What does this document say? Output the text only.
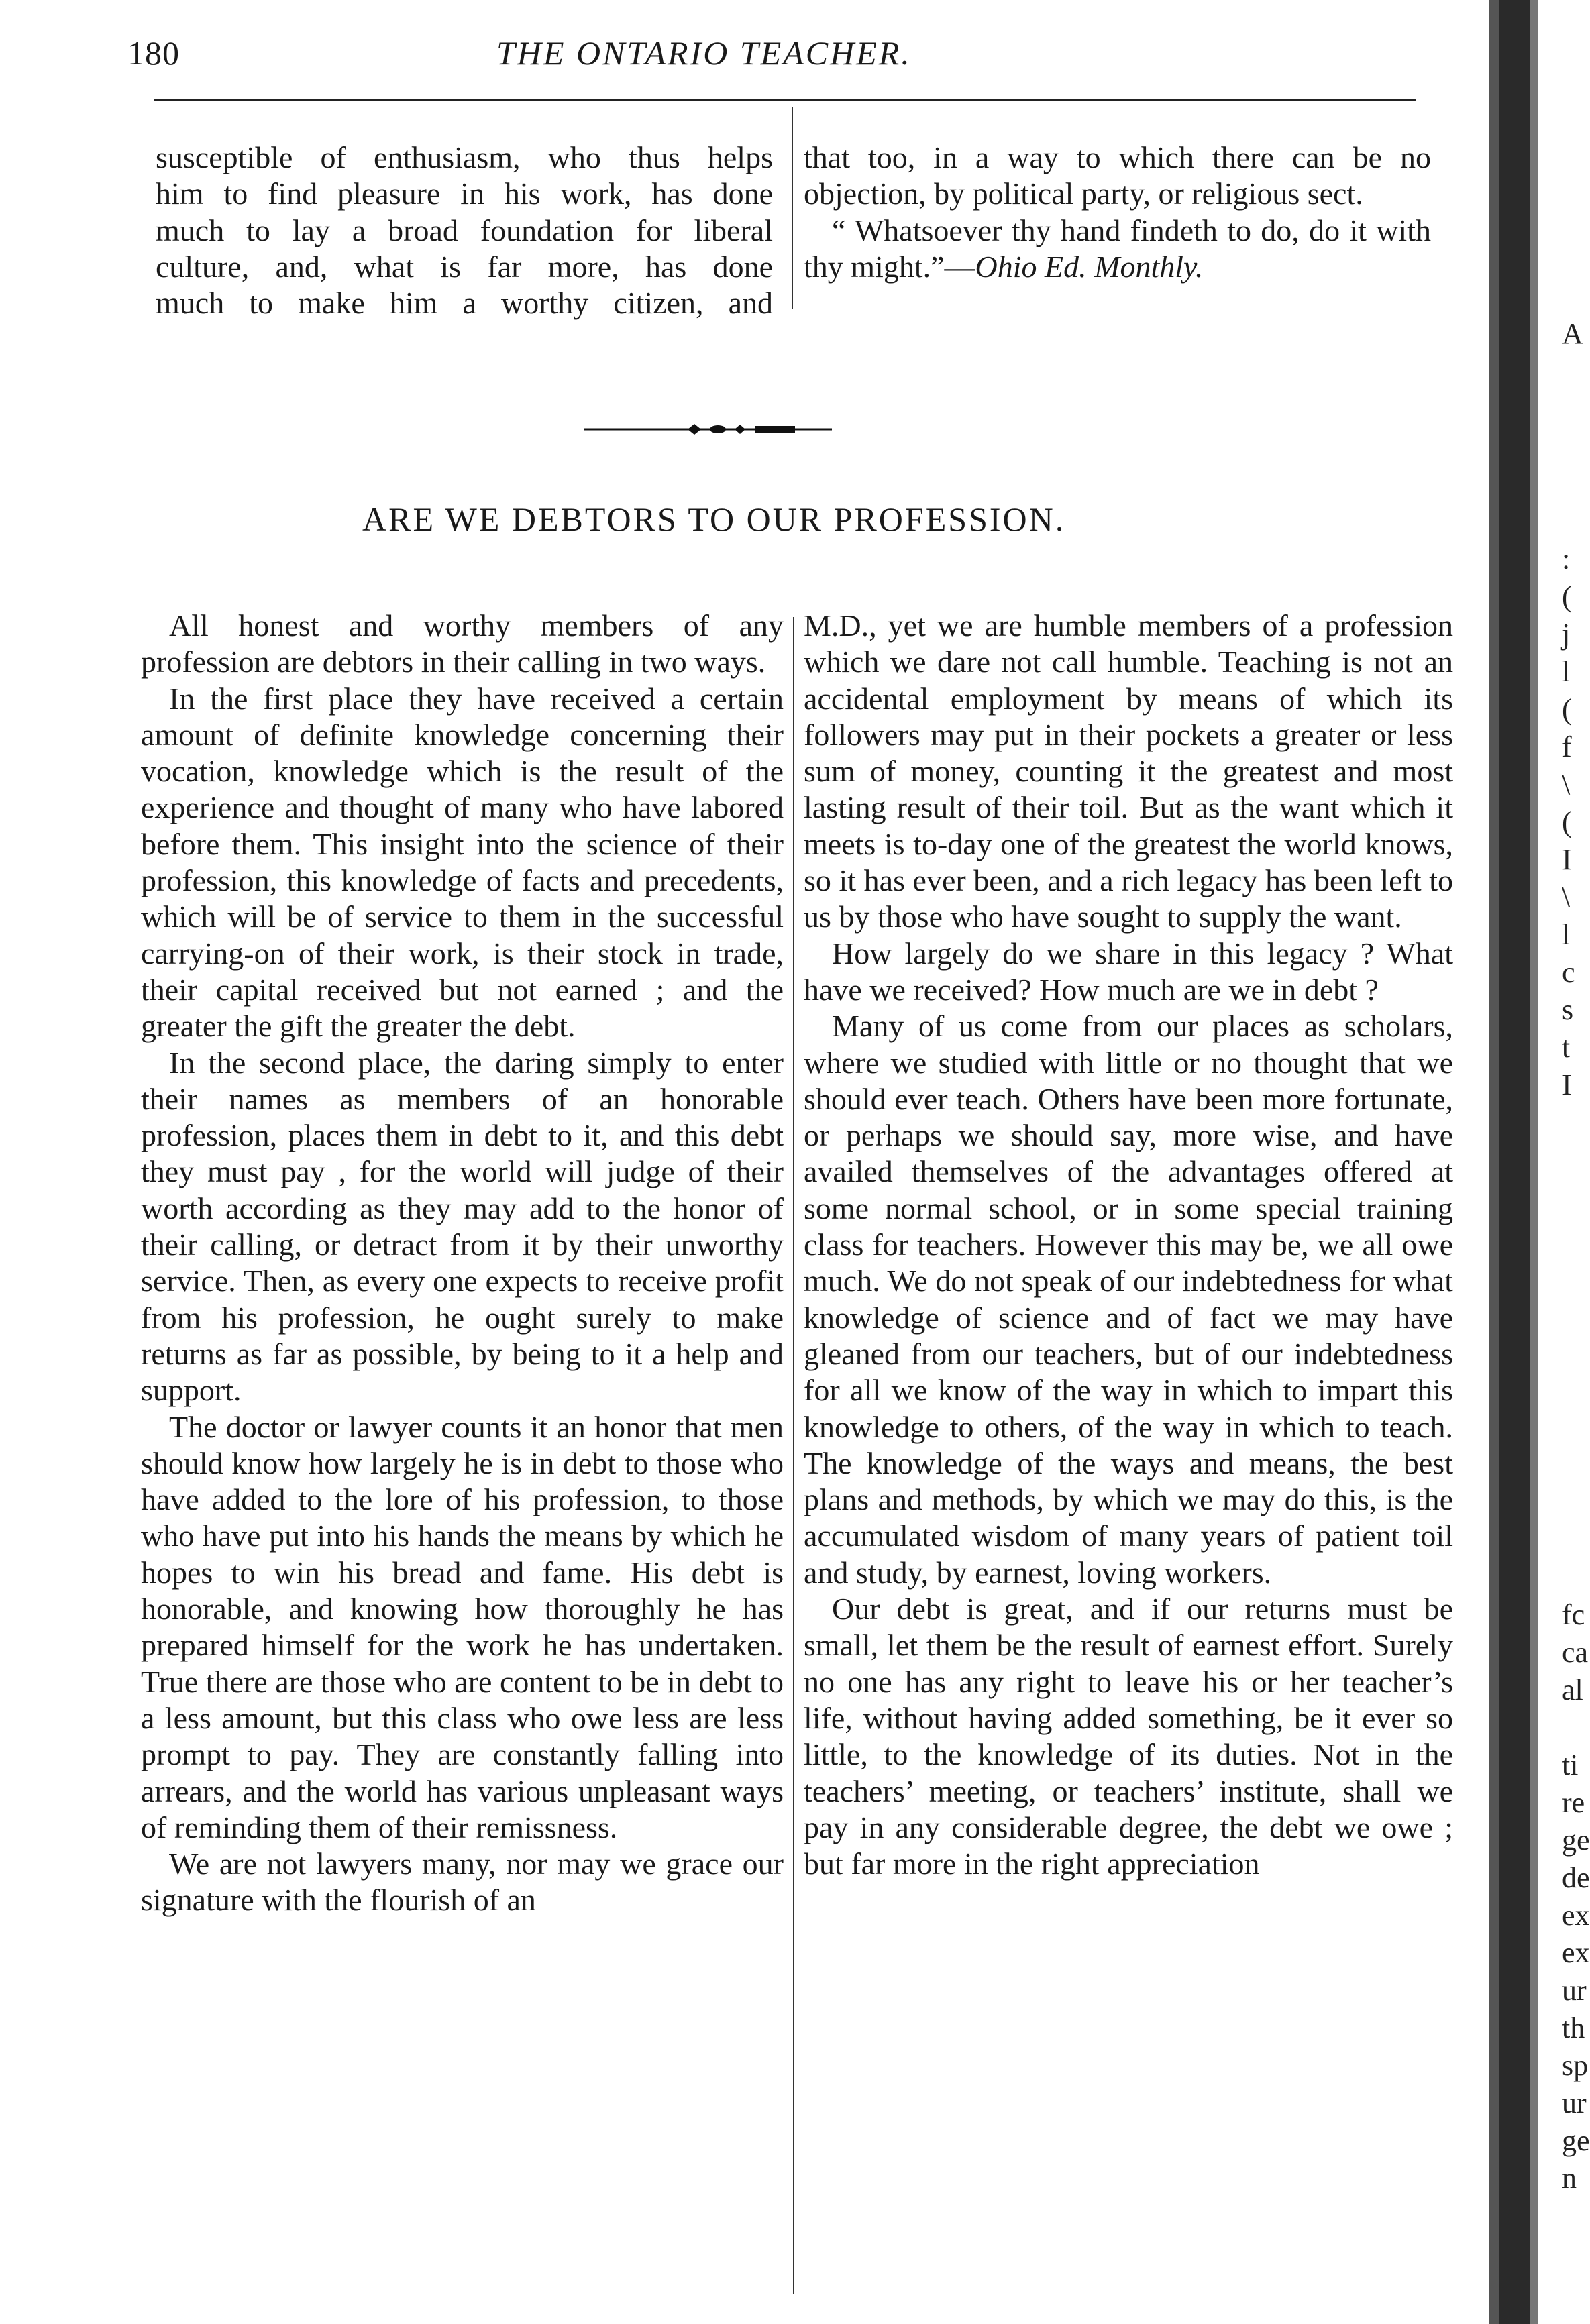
180	THE ONTARIO TEACHER.
susceptible of enthusiasm, who thus helps
him to find pleasure in his work, has done
much to lay a broad foundation for liberal
culture, and, what is far more, has done
much to make him a worthy citizen, and

that too, in a way to which there can be no objection, by political party, or religious sect.

“ Whatsoever thy hand findeth to do, do it with thy might.”—Ohio Ed. Monthly.

ARE WE DEBTORS TO OUR PROFESSION.

All honest and worthy members of any profession are debtors in their calling in two ways.

In the first place they have received a certain amount of definite knowledge concerning their vocation, knowledge which is the result of the experience and thought of many who have labored before them. This insight into the science of their profession, this knowledge of facts and precedents, which will be of service to them in the successful carrying-on of their work, is their stock in trade, their capital received but not earned ; and the greater the gift the greater the debt.

In the second place, the daring simply to enter their names as members of an honorable profession, places them in debt to it, and this debt they must pay , for the world will judge of their worth according as they may add to the honor of their calling, or detract from it by their unworthy service. Then, as every one expects to receive profit from his profession, he ought surely to make returns as far as possible, by being to it a help and support.

The doctor or lawyer counts it an honor that men should know how largely he is in debt to those who have added to the lore of his profession, to those who have put into his hands the means by which he hopes to win his bread and fame. His debt is honorable, and knowing how thoroughly he has prepared himself for the work he has undertaken. True there are those who are content to be in debt to a less amount, but this class who owe less are less prompt to pay. They are constantly falling into arrears, and the world has various unpleasant ways of reminding them of their remissness.

We are not lawyers many, nor may we grace our signature with the flourish of an

M.D., yet we are humble members of a profession which we dare not call humble. Teaching is not an accidental employment by means of which its followers may put in their pockets a greater or less sum of money, counting it the greatest and most lasting result of their toil. But as the want which it meets is to-day one of the greatest the world knows, so it has ever been, and a rich legacy has been left to us by those who have sought to supply the want.

How largely do we share in this legacy ? What have we received? How much are we in debt ?

Many of us come from our places as scholars, where we studied with little or no thought that we should ever teach. Others have been more fortunate, or perhaps we should say, more wise, and have availed themselves of the advantages offered at some normal school, or in some special training class for teachers. However this may be, we all owe much. We do not speak of our indebtedness for what knowledge of science and of fact we may have gleaned from our teachers, but of our indebtedness for all we know of the way in which to impart this knowledge to others, of the way in which to teach. The knowledge of the ways and means, the best plans and methods, by which we may do this, is the accumulated wisdom of many years of patient toil and study, by earnest, loving workers.

Our debt is great, and if our returns must be small, let them be the result of earnest effort. Surely no one has any right to leave his or her teacher’s life, without having added something, be it ever so little, to the knowledge of its duties. Not in the teachers’ meeting, or teachers’ institute, shall we pay in any considerable degree, the debt we owe ; but far more in the right appreciation

A

:
(
j
l
(
f
\
(
I
\
l
c
s
t
I
fc
ca
al

ti
re
ge
de
ex
ex
ur
th
sp
ur
ge
n
